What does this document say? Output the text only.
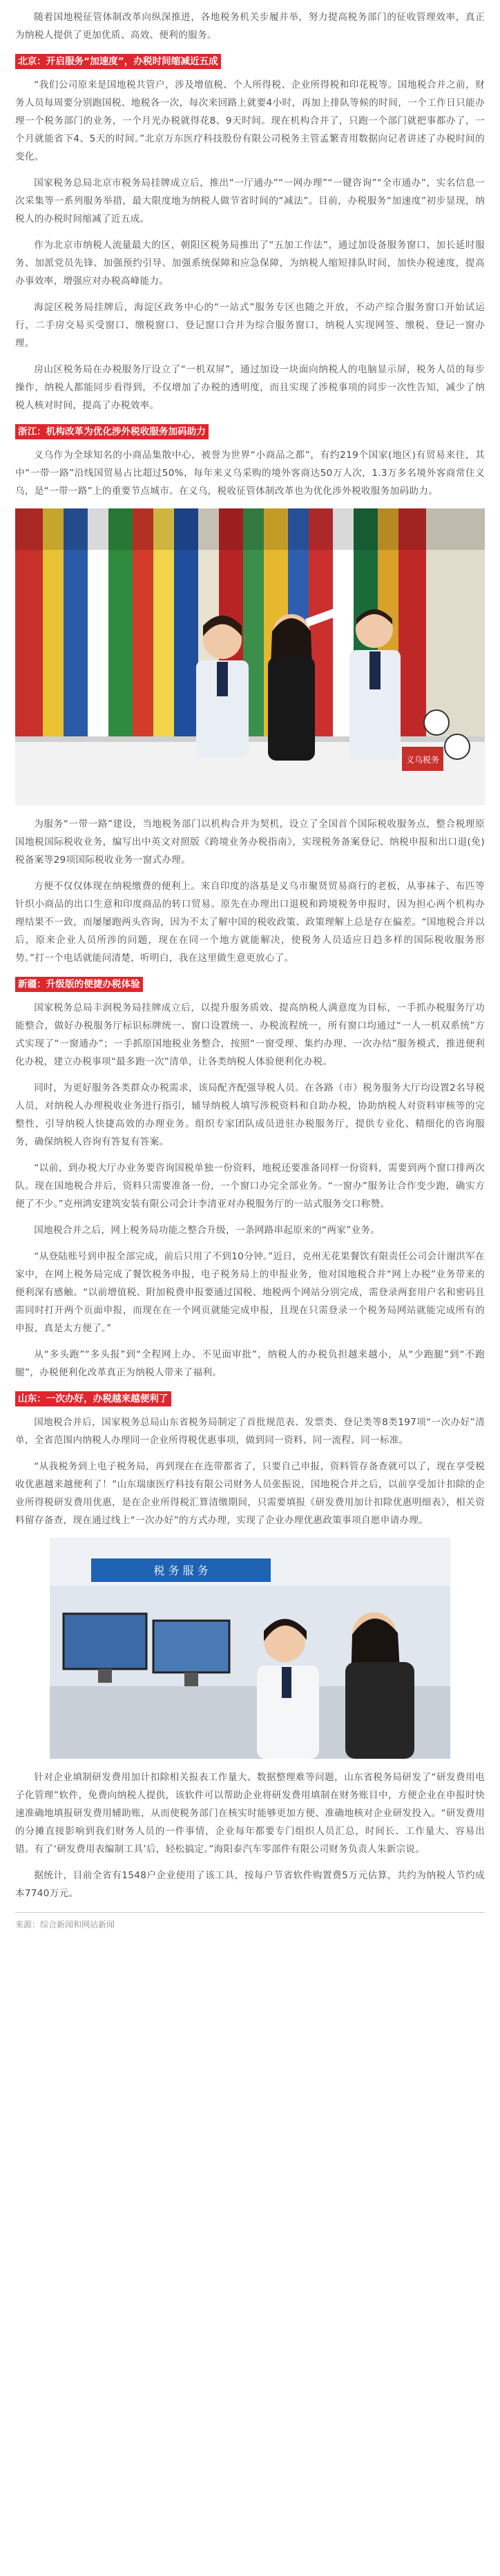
随着国地税征管体制改革向纵深推进，各地税务机关步履并举，努力提高税务部门的征收管理效率，真正为纳税人提供了更加优质、高效、便利的服务。

北京：开启服务“加速度”，办税时间缩减近五成

“我们公司原来是国地税共管户，涉及增值税、个人所得税、企业所得税和印花税等。国地税合并之前，财务人员每周要分别跑国税、地税各一次，每次来回路上就要4小时，再加上排队等候的时间，一个工作日只能办理一个税务部门的业务，一个月光办税就得花8、9天时间。现在机构合并了，只跑一个部门就把事都办了，一个月就能省下4、5天的时间。”北京万东医疗科技股份有限公司税务主管孟繁青用数据向记者讲述了办税时间的变化。

国家税务总局北京市税务局挂牌成立后，推出“一厅通办”“一网办理”“一键咨询”“全市通办”，实名信息一次采集等一系列服务举措，最大限度地为纳税人做节省时间的“减法”。目前，办税服务“加速度”初步显现，纳税人的办税时间缩减了近五成。

作为北京市纳税人流量最大的区，朝阳区税务局推出了“五加工作法”，通过加设备服务窗口、加长延时服务、加派党员先锋、加强预约引导、加强系统保障和应急保障，为纳税人缩短排队时间，加快办税速度，提高办事效率，增强应对办税高峰能力。

海淀区税务局挂牌后，海淀区政务中心的“一站式”服务专区也随之开放，不动产综合服务窗口开始试运行，二手房交易买受窗口、缴税窗口、登记窗口合并为综合服务窗口，纳税人实现网签、缴税、登记一窗办理。

房山区税务局在办税服务厅设立了“一机双屏”，通过加设一块面向纳税人的电脑显示屏，税务人员的每步操作，纳税人都能同步看得到，不仅增加了办税的透明度，而且实现了涉税事项的同步一次性告知，减少了纳税人核对时间，提高了办税效率。

浙江：机构改革为优化涉外税收服务加码助力

义乌作为全球知名的小商品集散中心，被誉为世界“小商品之都”，有约219个国家(地区)有贸易来往，其中“一带一路”沿线国贸易占比超过50%，每年来义乌采购的境外客商达50万人次，1.3万多名境外客商常住义乌，是“一带一路”上的重要节点城市。在义乌，税收征管体制改革也为优化涉外税收服务加码助力。

义乌税务

为服务“一带一路”建设，当地税务部门以机构合并为契机，设立了全国首个国际税收服务点，整合税理原国地税国际税收业务，编写出中英文对照版《跨境业务办税指南》，实现税务备案登记、纳税申报和出口退(免)税备案等29项国际税收业务一窗式办理。

方便不仅仅体现在纳税缴费的便利上。来自印度的洛基是义乌市聚贤贸易商行的老板，从事袜子、布匹等针织小商品的出口生意和印度商品的转口贸易。原先在办理出口退税和跨境税务申报时，因为担心两个机构办理结果不一致，而屡屡跑两头咨询，因为不太了解中国的税收政策、政策理解上总是存在偏差。“国地税合并以后，原来企业人员所涉的问题，现在在同一个地方就能解决，使税务人员适应日趋多样的国际税收服务形势。”打一个电话就能问清楚，听明白，我在这里做生意更放心了。

新疆：升级版的便捷办税体验

国家税务总局丰润税务局挂牌成立后，以提升服务质效、提高纳税人满意度为目标，一手抓办税服务厅功能整合，做好办税服务厅标识标牌统一、窗口设置统一、办税流程统一，所有窗口均通过“一人一机双系统”方式实现了“一窗通办”；一手抓原国地税业务整合，按照“一窗受理、集约办理、一次办结”服务模式，推进便利化办税，建立办税事项“最多跑一次”清单，让各类纳税人体验便利化办税。

同时，为更好服务各类群众办税需求，该局配齐配强导税人员。在各路（市）税务服务大厅均设置2名导税人员，对纳税人办理税收业务进行指引，辅导纳税人填写涉税资料和自助办税，协助纳税人对资料审核等的完整性，引导纳税人快捷高效的办理业务。组织专家团队成员进驻办税服务厅，提供专业化、精细化的咨询服务，确保纳税人咨询有答复有答案。

“以前，到办税大厅办业务要咨询国税单独一份资料，地税还要准备同样一份资料，需要到两个窗口排两次队。现在国地税合并后，资料只需要准备一份，一个窗口办完全部业务。“一窗办”服务让合作变少跑，确实方便了不少。”克州鸿安建筑安装有限公司会计李清亚对办税服务厅的一站式服务交口称赞。

国地税合并之后，网上税务局功能之整合升级，一条网路串起原来的“两家”业务。

“从登陆账号到申报全部完成，前后只用了不到10分钟。”近日，克州无花果餐饮有限责任公司会计谢洪军在家中，在网上税务局完成了餐饮税务申报，电子税务局上的申报业务，他对国地税合并“网上办税”业务带来的便利深有感触。“以前增值税、附加税费申报要通过国税、地税两个网站分别完成，需登录两套用户名和密码且需同时打开两个页面申报，而现在在一个网页就能完成申报，且现在只需登录一个税务局网站就能完成所有的申报，真是太方便了。”

从“多头跑”“多头报”到“全程网上办、不见面审批”，纳税人的办税负担越来越小，从“少跑腿”到“不跑腿”，办税便利化改革真正为纳税人带来了福利。

山东：一次办好，办税越来越便利了

国地税合并后，国家税务总局山东省税务局制定了首批规范表、发票类、登记类等8类197项“一次办好”清单，全省范围内纳税人办理同一企业所得税优惠事项，做到同一资料、同一流程、同一标准。

“从我税务到上电子税务局，再到现在在连带都省了，只要自己申报，资料管存备查就可以了，现在享受税收优惠越来越便利了！”山东瑞康医疗科技有限公司财务人员张振说，国地税合并之后，以前享受加计扣除的企业所得税研发费用优惠，是在企业所得税汇算清缴期间，只需要填报《研发费用加计扣除优惠明细表》，相关资料留存备查，现在通过线上“一次办好”的方式办理，实现了企业办理优惠政策事项自愿申请办理。

税 务 服 务

针对企业填制研发费用加计扣除相关报表工作量大、数据整理难等问题，山东省税务局研发了“研发费用电子化管理”软件，免费向纳税人提供，该软件可以帮助企业将研发费用填制在财务账目中，方便企业在申报时快速准确地填报研发费用辅助账，从而使税务部门在核实时能够更加方便、准确地核对企业研发投入。“研发费用的分摊直接影响到我们财务人员的一件事情，企业每年都要专门组织人员汇总，时间长、工作量大、容易出错。有了‘研发费用表编制工具’后，轻松搞定。”海阳泰汽车零部件有限公司财务负责人朱新宗说。

据统计，目前全省有1548户企业使用了该工具，按每户节省软件购置费5万元估算，共约为纳税人节约成本7740万元。

来源：综合新闻和网站新闻
